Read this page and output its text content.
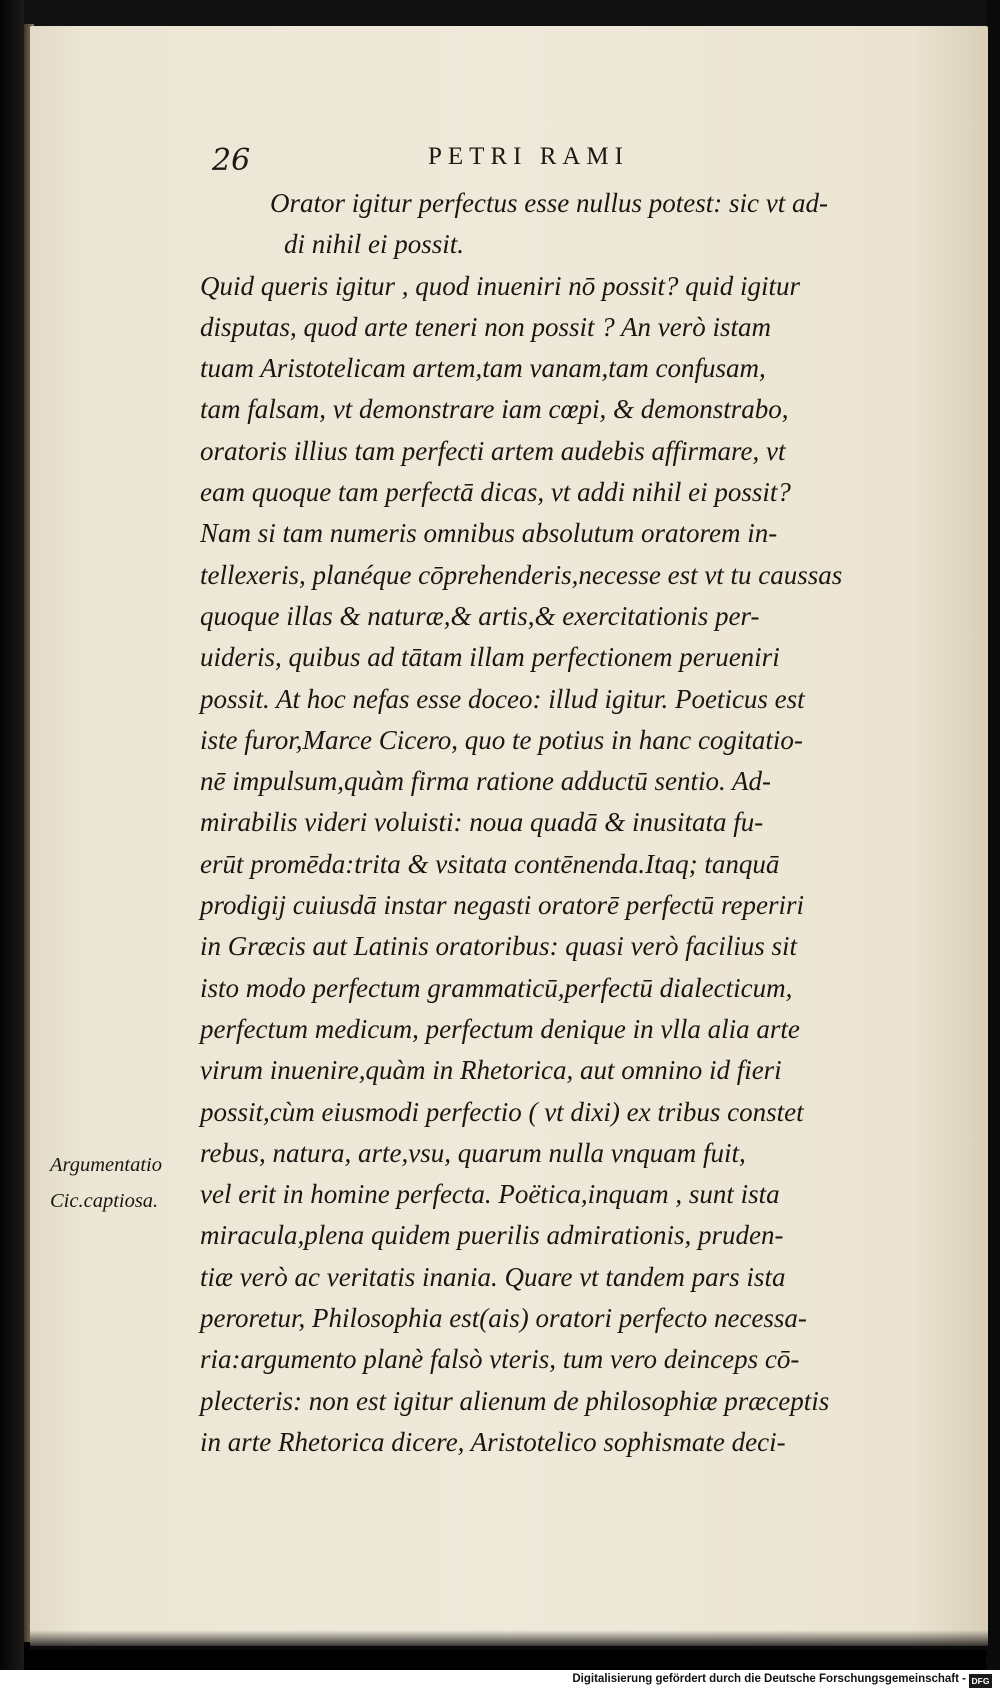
26	PETRI RAMI
Orator igitur perfectus esse nullus potest: sic vt ad-
di nihil ei possit.
Quid queris igitur , quod inueniri nō possit? quid igitur
disputas, quod arte teneri non possit ? An verò istam
tuam Aristotelicam artem,tam vanam,tam confusam,
tam falsam, vt demonstrare iam cœpi, & demonstrabo,
oratoris illius tam perfecti artem audebis affirmare, vt
eam quoque tam perfectā dicas, vt addi nihil ei possit?
Nam si tam numeris omnibus absolutum oratorem in-
tellexeris, planéque cōprehenderis,necesse est vt tu caussas
quoque illas & naturæ,& artis,& exercitationis per-
uideris, quibus ad tātam illam perfectionem perueniri
possit. At hoc nefas esse doceo: illud igitur. Poeticus est
iste furor,Marce Cicero, quo te potius in hanc cogitatio-
nē impulsum,quàm firma ratione adductū sentio. Ad-
mirabilis videri voluisti: noua quadā & inusitata fu-
erūt promēda:trita & vsitata contēnenda.Itaq; tanquā
prodigij cuiusdā instar negasti oratorē perfectū reperiri
in Græcis aut Latinis oratoribus: quasi verò facilius sit
isto modo perfectum grammaticū,perfectū dialecticum,
perfectum medicum, perfectum denique in vlla alia arte
virum inuenire,quàm in Rhetorica, aut omnino id fieri
possit,cùm eiusmodi perfectio ( vt dixi) ex tribus constet
rebus, natura, arte,vsu, quarum nulla vnquam fuit,
vel erit in homine perfecta. Poëtica,inquam , sunt ista
miracula,plena quidem puerilis admirationis, pruden-
tiæ verò ac veritatis inania. Quare vt tandem pars ista
peroretur, Philosophia est(ais) oratori perfecto necessa-
ria:argumento planè falsò vteris, tum vero deinceps cō-
plecteris: non est igitur alienum de philosophiæ præceptis
in arte Rhetorica dicere, Aristotelico sophismate deci-
Argumentatio
Cic.captiosa.
Digitalisierung gefördert durch die Deutsche Forschungsgemeinschaft - DFG
